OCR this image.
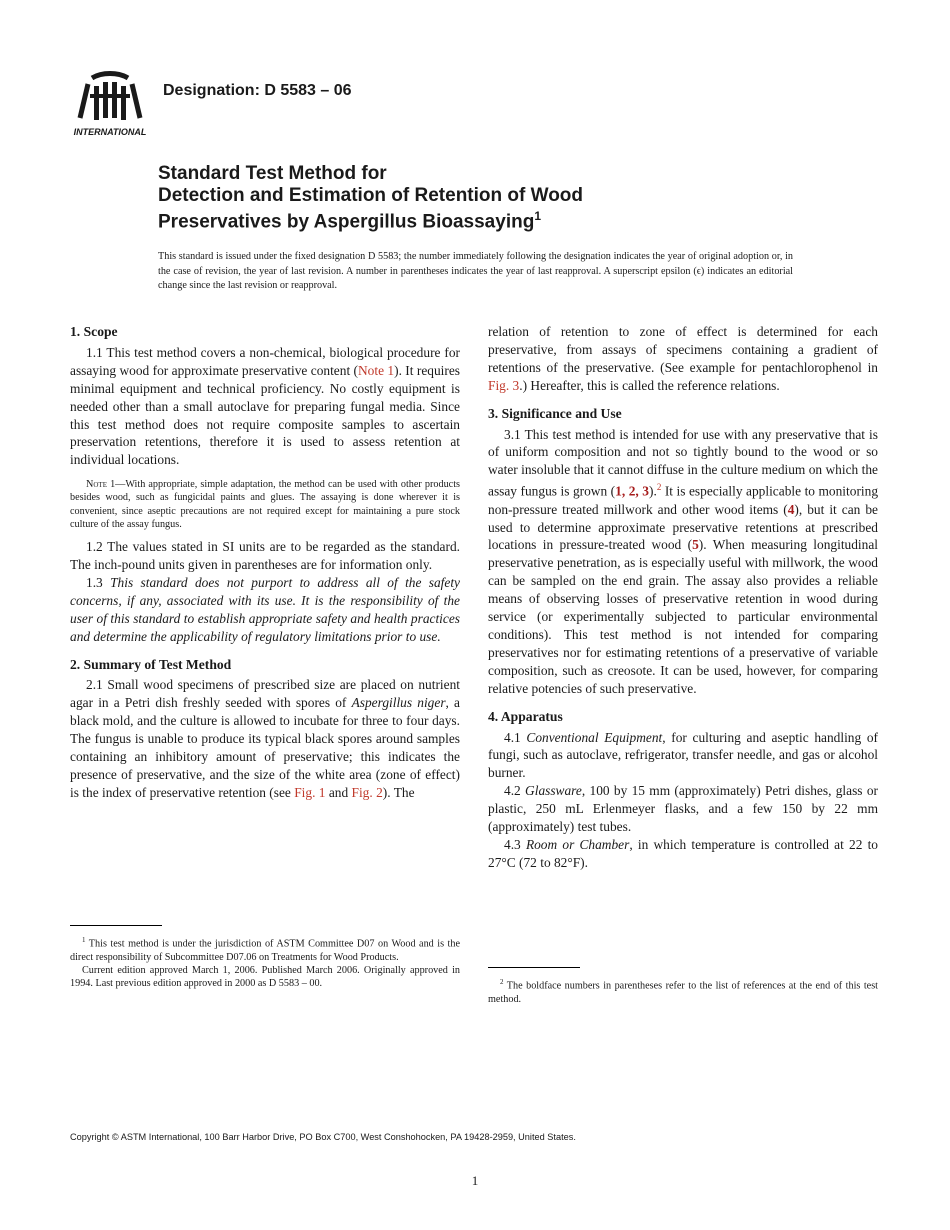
INTERNATIONAL
Designation: D 5583 – 06
Standard Test Method for
Detection and Estimation of Retention of Wood
Preservatives by Aspergillus Bioassaying$^1$
This standard is issued under the fixed designation D 5583; the number immediately following the designation indicates the year of original adoption or, in the case of revision, the year of last revision. A number in parentheses indicates the year of last reapproval. A superscript epsilon (ϵ) indicates an editorial change since the last revision or reapproval.
1. Scope

1.1 This test method covers a non-chemical, biological procedure for assaying wood for approximate preservative content (Note 1). It requires minimal equipment and technical proficiency. No costly equipment is needed other than a small autoclave for preparing fungal media. Since this test method does not require composite samples to ascertain preservation retentions, therefore it is used to assess retention at individual locations.

Note 1—With appropriate, simple adaptation, the method can be used with other products besides wood, such as fungicidal paints and glues. The assaying is done wherever it is convenient, since aseptic precautions are not required except for maintaining a pure stock culture of the assay fungus.

1.2 The values stated in SI units are to be regarded as the standard. The inch-pound units given in parentheses are for information only.

1.3 This standard does not purport to address all of the safety concerns, if any, associated with its use. It is the responsibility of the user of this standard to establish appropriate safety and health practices and determine the applicability of regulatory limitations prior to use.

2. Summary of Test Method

2.1 Small wood specimens of prescribed size are placed on nutrient agar in a Petri dish freshly seeded with spores of Aspergillus niger, a black mold, and the culture is allowed to incubate for three to four days. The fungus is unable to produce its typical black spores around samples containing an inhibitory amount of preservative; this indicates the presence of preservative, and the size of the white area (zone of effect) is the index of preservative retention (see Fig. 1 and Fig. 2). The

$^1$ This test method is under the jurisdiction of ASTM Committee D07 on Wood and is the direct responsibility of Subcommittee D07.06 on Treatments for Wood Products.

Current edition approved March 1, 2006. Published March 2006. Originally approved in 1994. Last previous edition approved in 2000 as D 5583 – 00.

relation of retention to zone of effect is determined for each preservative, from assays of specimens containing a gradient of retentions of the preservative. (See example for pentachlorophenol in Fig. 3.) Hereafter, this is called the reference relations.

3. Significance and Use

3.1 This test method is intended for use with any preservative that is of uniform composition and not so tightly bound to the wood or so water insoluble that it cannot diffuse in the culture medium on which the assay fungus is grown (1, 2, 3).$^2$ It is especially applicable to monitoring non-pressure treated millwork and other wood items (4), but it can be used to determine approximate preservative retentions at prescribed locations in pressure-treated wood (5). When measuring longitudinal preservative penetration, as is especially useful with millwork, the wood can be sampled on the end grain. The assay also provides a reliable means of observing losses of preservative retention in wood during service (or experimentally subjected to particular environmental conditions). This test method is not intended for comparing preservatives nor for estimating retentions of a preservative of variable composition, such as creosote. It can be used, however, for comparing relative potencies of such preservative.

4. Apparatus

4.1 Conventional Equipment, for culturing and aseptic handling of fungi, such as autoclave, refrigerator, transfer needle, and gas or alcohol burner.

4.2 Glassware, 100 by 15 mm (approximately) Petri dishes, glass or plastic, 250 mL Erlenmeyer flasks, and a few 150 by 22 mm (approximately) test tubes.

4.3 Room or Chamber, in which temperature is controlled at 22 to 27°C (72 to 82°F).

$^2$ The boldface numbers in parentheses refer to the list of references at the end of this test method.

Copyright © ASTM International, 100 Barr Harbor Drive, PO Box C700, West Conshohocken, PA 19428-2959, United States.
1
